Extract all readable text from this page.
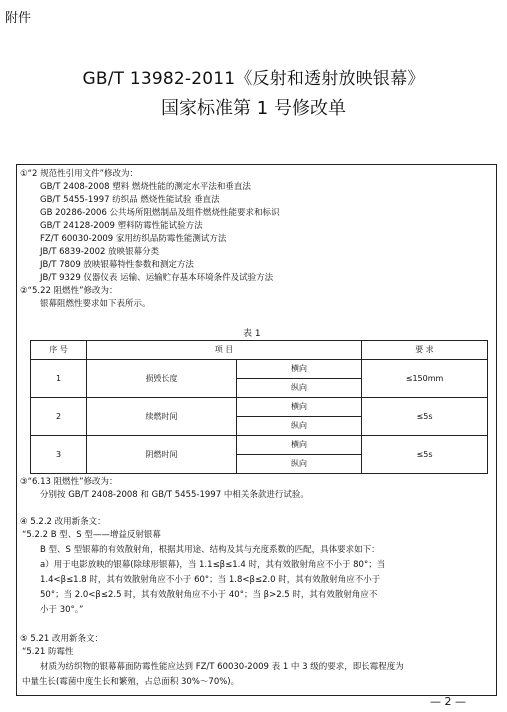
附件
GB/T 13982-2011《反射和透射放映银幕》
国家标准第 1 号修改单
①“2 规范性引用文件”修改为：
GB/T 2408-2008 塑料 燃烧性能的测定水平法和垂直法
GB/T 5455-1997 纺织品 燃烧性能试验 垂直法
GB 20286-2006 公共场所阻燃制品及组件燃烧性能要求和标识
GB/T 24128-2009 塑料防霉性能试验方法
FZ/T 60030-2009 家用纺织品防霉性能测试方法
JB/T 6839-2002 放映银幕分类
JB/T 7809 放映银幕特性参数和测定方法
JB/T 9329 仪器仪表 运输、运输贮存基本环境条件及试验方法
②“5.22 阻燃性”修改为：
银幕阻燃性要求如下表所示。
表 1
序 号	项 目		要 求
1	损毁长度	横向	≤150mm
		纵向	
2	续燃时间	横向	≤5s
		纵向	
3	阴燃时间	横向	≤5s
		纵向	
③“6.13 阻燃性”修改为：
分别按 GB/T 2408-2008 和 GB/T 5455-1997 中相关条款进行试验。
④ 5.2.2 改用新条文：
“5.2.2 B 型、S 型——增益反射银幕
B 型、S 型银幕的有效散射角，根据其用途、结构及其与充度系数的匹配，具体要求如下：
a）用于电影放映的银幕(除球形银幕)，当 1.1≤β≤1.4 时，其有效散射角应不小于 80°；当
1.4<β≤1.8 时，其有效散射角应不小于 60°；当 1.8<β≤2.0 时，其有效散射角应不小于
50°；当 2.0<β≤2.5 时，其有效散射角应不小于 40°；当 β>2.5 时，其有效散射角应不
小于 30°。”
⑤ 5.21 改用新条文：
“5.21 防霉性
材质为纺织物的银幕幕面防霉性能应达到 FZ/T 60030-2009 表 1 中 3 级的要求，即长霉程度为
中量生长(霉菌中度生长和繁殖，占总面积 30%～70%)。
— 2 —
